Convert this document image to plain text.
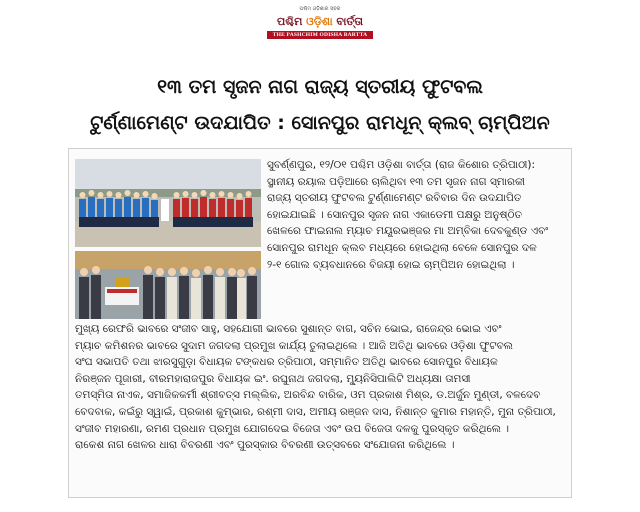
ପଶ୍ଚିମ ଓଡ଼ିଶାର ସ୍ଵର
ପଶ୍ଚିମ ଓଡ଼ିଶା ବାର୍ତ୍ତା
THE PASHCHIM ODISHA BARTTA
୧୩ ତମ ସୃଜନ ନାଗ ରାଜ୍ୟ ସ୍ତରୀୟ ଫୁଟବଲ
ଟୁର୍ଣ୍ଣାମେଣ୍ଟ ଉଦଯାପିତ : ସୋନପୁର ରାମଧୂନ୍ କ୍ଲବ୍ ଚାମ୍ପିଅନ
ସୁବର୍ଣ୍ଣପୁର, ୧୨/୦୧ ପଶ୍ଚିମ ଓଡ଼ିଶା ବାର୍ତ୍ତା (ରାଜ କିଶୋର ତ୍ରିପାଠୀ):
ସ୍ଥାନୀୟ ରୟାଲ ପଡ଼ିଆରେ ଚାଲିଥିବା ୧୩ ତମ ସୃଜନ ନାଗ ସ୍ମାରକୀ
ରାଜ୍ୟ ସ୍ତରୀୟ ଫୁଟବଲ ଟୁର୍ଣ୍ଣାମେଣ୍ଟ ରବିବାର ଦିନ ଉଦଯାପିତ
ହୋଇଯାଇଛି । ସୋନପୁର ସୃଜନ ନାଗ ଏକାଡେମୀ ପକ୍ଷରୁ ଅନୁଷ୍ଠିତ
ଖେଳରେ ଫାଇନାଲ ମ୍ୟାଚ ମୟୂରଭଞ୍ଜର ମା ଅମ୍ବିକା ଦେବକୁଣ୍ଡ ଏବଂ
ସୋନପୁର ରାମଧୂନ କ୍ଲବ ମଧ୍ୟରେ ହୋଇଥିଲା ବେଳେ ସୋନପୁର ଦଳ
୨-୧ ଗୋଲ ବ୍ୟବଧାନରେ ବିଜୟୀ ହୋଇ ଚାମ୍ପିଅନ ହୋଇଥିଲା ।
ମୁଖ୍ୟ ରେଫରି ଭାବରେ ସଂଜୀବ ସାହୁ, ସହଯୋଗୀ ଭାବରେ ସୁଶାନ୍ତ ବାଗ, ସଚିନ ଭୋଇ, ରାଜେନ୍ଦ୍ର ଭୋଇ ଏବଂ
ମ୍ୟାଚ କମିଶନର ଭାବରେ ସୁଦାମ ଜଗଦଲା ପ୍ରମୁଖ କାର୍ଯ୍ୟ ତୁଲାଇଥିଲେ । ଆଜି ଅତିଥି ଭାବରେ ଓଡ଼ିଶା ଫୁଟବଲ
ସଂଘ ସଭାପତି ତଥା ଝାରସୁଗୁଡ଼ା ବିଧାୟକ ଟଙ୍କଧର ତ୍ରିପାଠୀ, ସମ୍ମାନିତ ଅତିଥି ଭାବରେ ସୋନପୁର ବିଧାୟକ
ନିରଞ୍ଜନ ପୂଜାରୀ, ବୀରମହାରାଜପୁର ବିଧାୟକ ଇଂ. ରଘୁନାଥ ଜଗଦଲା, ମ୍ୟୁନିସିପାଲିଟି ଅଧ୍ୟକ୍ଷା ତାମସୀ
ତମସ୍ମିତା ନାଏକ, ସମାଜିକକର୍ମୀ ଶ୍ରୀବତ୍ସ ମଲ୍ଲିକ, ଅରବିନ୍ଦ ବାରିକ, ଓମ ପ୍ରକାଶ ମିଶ୍ର, ଡ.ଅର୍ଜୁନ ମୁଣ୍ଡୀ, ବଳଦେବ
ବେଦବାକ, କଇଁରୁ ସ୍ୱାଇଁ, ପ୍ରକାଶ କୁମ୍ଭାର, ରଶ୍ମୀ ଦାସ, ଅମୀୟ ରଞ୍ଜନ ଦାସ, ନିଶାନ୍ତ କୁମାର ମହାନ୍ତି, ମୁନା ତ୍ରିପାଠୀ,
ସଂଜୀବ ମହାରଣା, ରମଣ ପ୍ରଧାନ ପ୍ରମୁଖ ଯୋଗଦେଇ ବିଜେତା ଏବଂ ଉପ ବିଜେତା ଦଳକୁ ପୁରସ୍କୃତ କରିଥିଲେ ।
ରାକେଶ ନାଗ ଖେଳର ଧାରା ବିବରଣୀ ଏବଂ ପୁରସ୍କାର ବିବରଣୀ ଉତ୍ସବରେ ସଂଯୋଜନା କରିଥିଲେ ।
